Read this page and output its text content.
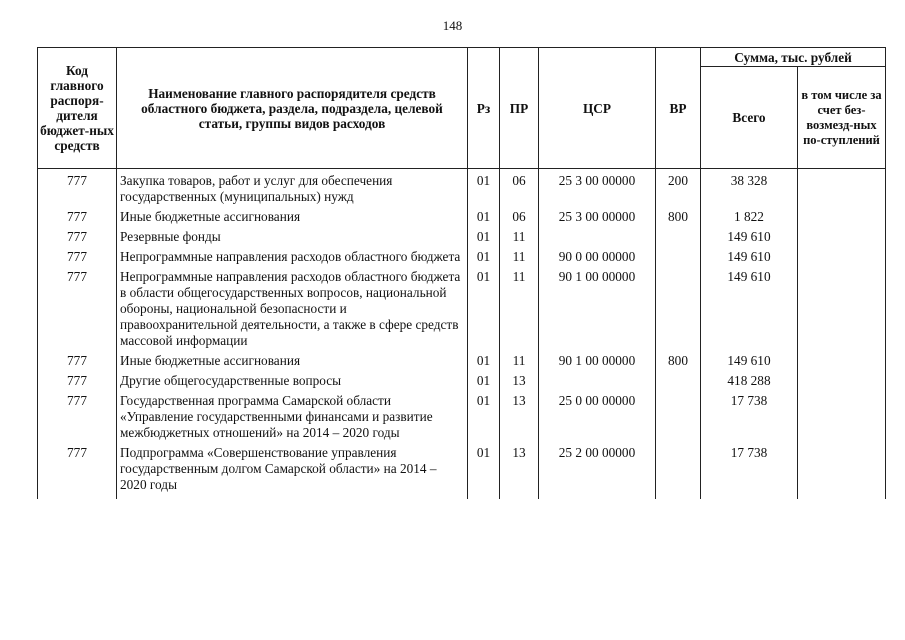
148
Код главного распоря-дителя бюджет-ных средств	Наименование главного распорядителя средств областного бюджета, раздела, подраздела, целевой статьи, группы видов расходов	Рз	ПР	ЦСР	ВР	Сумма, тыс. рублей	
						Всего	в том числе за счет без-возмезд-ных по-ступлений
777	Закупка товаров, работ и услуг для обеспечения государственных (муниципальных) нужд	01	06	25 3 00 00000	200	38 328	
777	Иные бюджетные ассигнования	01	06	25 3 00 00000	800	1 822	
777	Резервные фонды	01	11			149 610	
777	Непрограммные направления расходов областного бюджета	01	11	90 0 00 00000		149 610	
777	Непрограммные направления расходов областного бюджета в области общегосударственных вопросов, национальной обороны, национальной безопасности и правоохранительной деятельности, а также в сфере средств массовой информации	01	11	90 1 00 00000		149 610	
777	Иные бюджетные ассигнования	01	11	90 1 00 00000	800	149 610	
777	Другие общегосударственные вопросы	01	13			418 288	
777	Государственная программа Самарской области «Управление государственными финансами и развитие межбюджетных отношений» на 2014 – 2020 годы	01	13	25 0 00 00000		17 738	
777	Подпрограмма «Совершенствование управления государственным долгом Самарской области» на 2014 – 2020 годы	01	13	25 2 00 00000		17 738	
